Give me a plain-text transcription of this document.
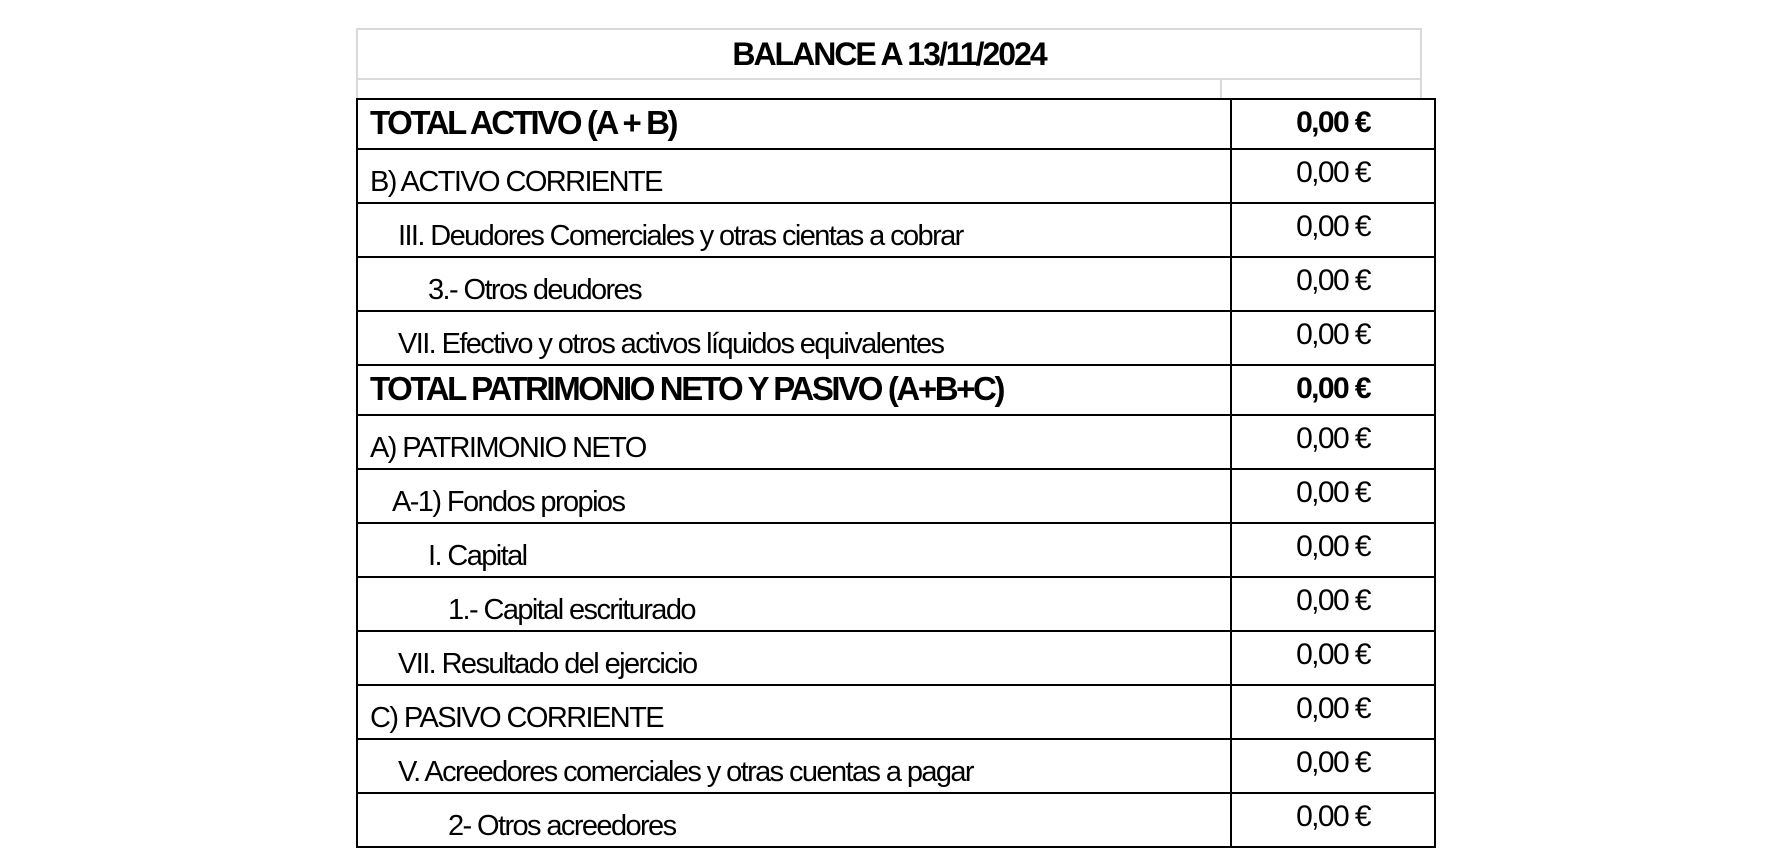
BALANCE A 13/11/2024
TOTAL ACTIVO (A + B)	0,00 €
B) ACTIVO CORRIENTE	0,00 €
III. Deudores Comerciales y otras cientas a cobrar	0,00 €
3.- Otros deudores	0,00 €
VII. Efectivo y otros activos líquidos equivalentes	0,00 €
TOTAL PATRIMONIO NETO Y PASIVO (A+B+C)	0,00 €
A) PATRIMONIO NETO	0,00 €
A-1) Fondos propios	0,00 €
I. Capital	0,00 €
1.- Capital escriturado	0,00 €
VII. Resultado del ejercicio	0,00 €
C) PASIVO CORRIENTE	0,00 €
V. Acreedores comerciales y otras cuentas a pagar	0,00 €
2- Otros acreedores	0,00 €
